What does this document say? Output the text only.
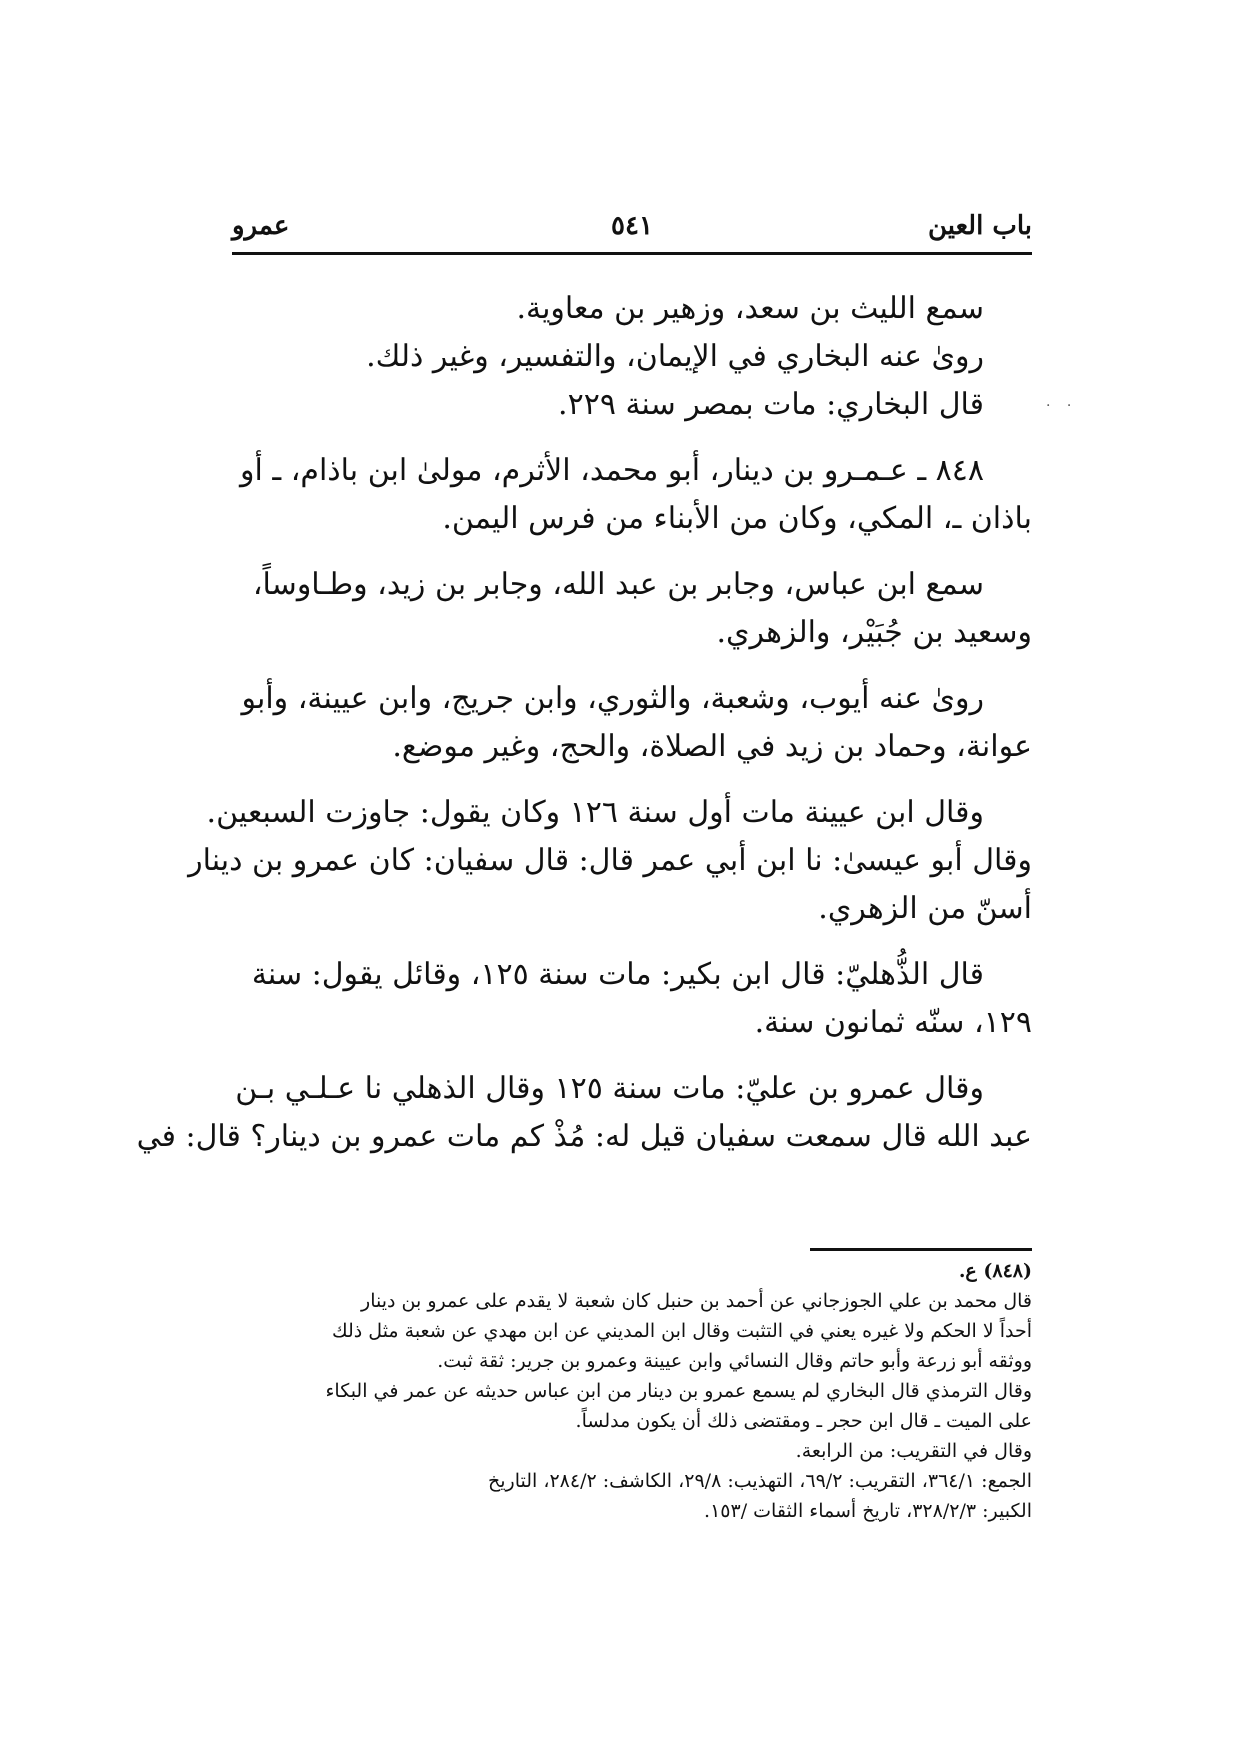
باب العين
٥٤١
عمرو
· ·
سمع الليث بن سعد، وزهير بن معاوية.
روىٰ عنه البخاري في الإيمان، والتفسير، وغير ذلك.
قال البخاري: مات بمصر سنة ٢٢٩.
٨٤٨ ـ عـمـرو بن دينار، أبو محمد، الأثرم، مولىٰ ابن باذام، ـ أو
باذان ـ، المكي، وكان من الأبناء من فرس اليمن.
سمع ابن عباس، وجابر بن عبد الله، وجابر بن زيد، وطـاوساً،
وسعيد بن جُبَيْر، والزهري.
روىٰ عنه أيوب، وشعبة، والثوري، وابن جريج، وابن عيينة، وأبو
عوانة، وحماد بن زيد في الصلاة، والحج، وغير موضع.
وقال ابن عيينة مات أول سنة ١٢٦ وكان يقول: جاوزت السبعين.
وقال أبو عيسىٰ: نا ابن أبي عمر قال: قال سفيان: كان عمرو بن دينار
أسنّ من الزهري.
قال الذُّهليّ: قال ابن بكير: مات سنة ١٢٥، وقائل يقول: سنة
١٢٩، سنّه ثمانون سنة.
وقال عمرو بن عليّ: مات سنة ١٢٥ وقال الذهلي نا عـلـي بـن
عبد الله قال سمعت سفيان قيل له: مُذْ كم مات عمرو بن دينار؟ قال: في
(٨٤٨) ع.
قال محمد بن علي الجوزجاني عن أحمد بن حنبل كان شعبة لا يقدم على عمرو بن دينار
أحداً لا الحكم ولا غيره يعني في التثبت وقال ابن المديني عن ابن مهدي عن شعبة مثل ذلك
ووثقه أبو زرعة وأبو حاتم وقال النسائي وابن عيينة وعمرو بن جرير: ثقة ثبت.
وقال الترمذي قال البخاري لم يسمع عمرو بن دينار من ابن عباس حديثه عن عمر في البكاء
على الميت ـ قال ابن حجر ـ ومقتضى ذلك أن يكون مدلساً.
وقال في التقريب: من الرابعة.
الجمع: ٣٦٤/١، التقريب: ٦٩/٢، التهذيب: ٢٩/٨، الكاشف: ٢٨٤/٢، التاريخ
الكبير: ٣٢٨/٢/٣، تاريخ أسماء الثقات /١٥٣.
